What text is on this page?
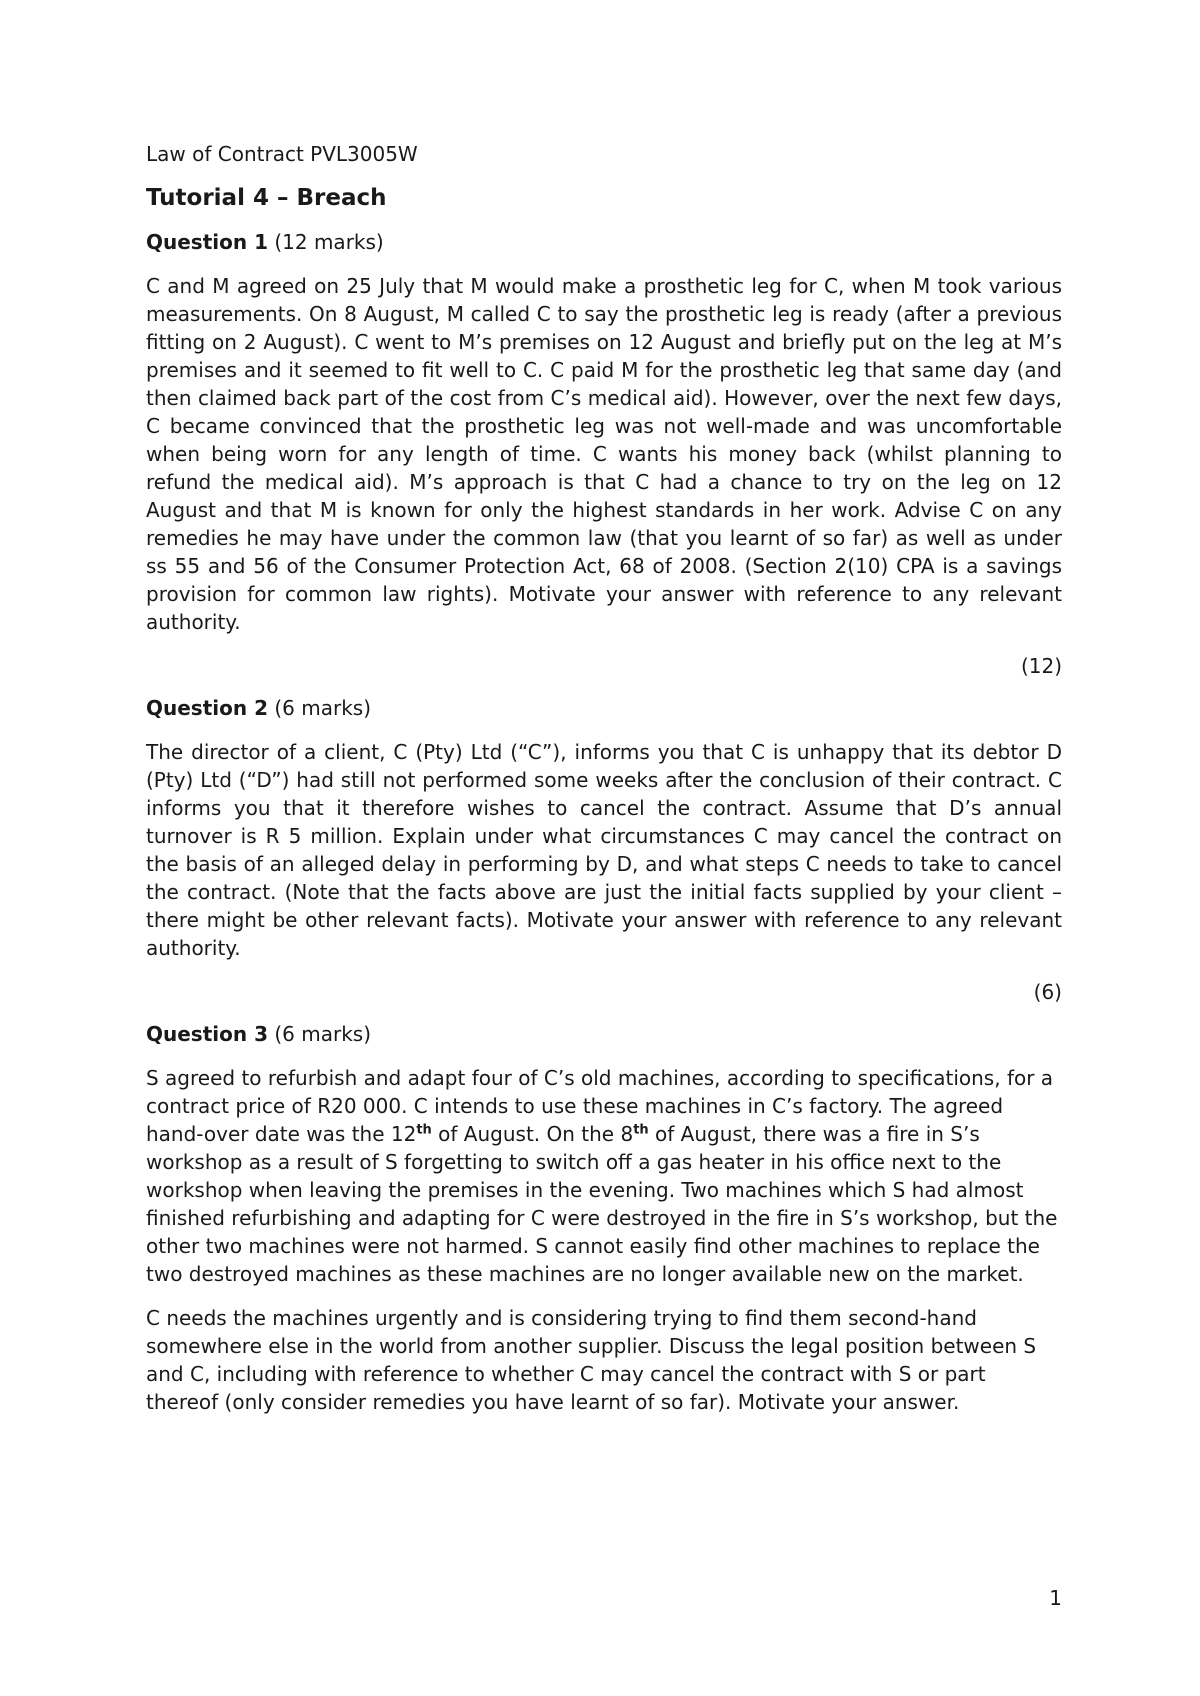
Law of Contract PVL3005W

Tutorial 4 – Breach

Question 1 (12 marks)

C and M agreed on 25 July that M would make a prosthetic leg for C, when M took various measurements. On 8 August, M called C to say the prosthetic leg is ready (after a previous fitting on 2 August). C went to M’s premises on 12 August and briefly put on the leg at M’s premises and it seemed to fit well to C. C paid M for the prosthetic leg that same day (and then claimed back part of the cost from C’s medical aid). However, over the next few days, C became convinced that the prosthetic leg was not well-made and was uncomfortable when being worn for any length of time. C wants his money back (whilst planning to refund the medical aid). M’s approach is that C had a chance to try on the leg on 12 August and that M is known for only the highest standards in her work. Advise C on any remedies he may have under the common law (that you learnt of so far) as well as under ss 55 and 56 of the Consumer Protection Act, 68 of 2008. (Section 2(10) CPA is a savings provision for common law rights). Motivate your answer with reference to any relevant authority.

(12)

Question 2 (6 marks)

The director of a client, C (Pty) Ltd (“C”), informs you that C is unhappy that its debtor D (Pty) Ltd (“D”) had still not performed some weeks after the conclusion of their contract. C informs you that it therefore wishes to cancel the contract. Assume that D’s annual turnover is R 5 million. Explain under what circumstances C may cancel the contract on the basis of an alleged delay in performing by D, and what steps C needs to take to cancel the contract. (Note that the facts above are just the initial facts supplied by your client – there might be other relevant facts). Motivate your answer with reference to any relevant authority.

(6)

Question 3 (6 marks)

S agreed to refurbish and adapt four of C’s old machines, according to specifications, for a contract price of R20 000. C intends to use these machines in C’s factory. The agreed hand-over date was the 12th of August. On the 8th of August, there was a fire in S’s workshop as a result of S forgetting to switch off a gas heater in his office next to the workshop when leaving the premises in the evening. Two machines which S had almost finished refurbishing and adapting for C were destroyed in the fire in S’s workshop, but the other two machines were not harmed. S cannot easily find other machines to replace the two destroyed machines as these machines are no longer available new on the market.

C needs the machines urgently and is considering trying to find them second-hand somewhere else in the world from another supplier. Discuss the legal position between S and C, including with reference to whether C may cancel the contract with S or part thereof (only consider remedies you have learnt of so far). Motivate your answer.

1
